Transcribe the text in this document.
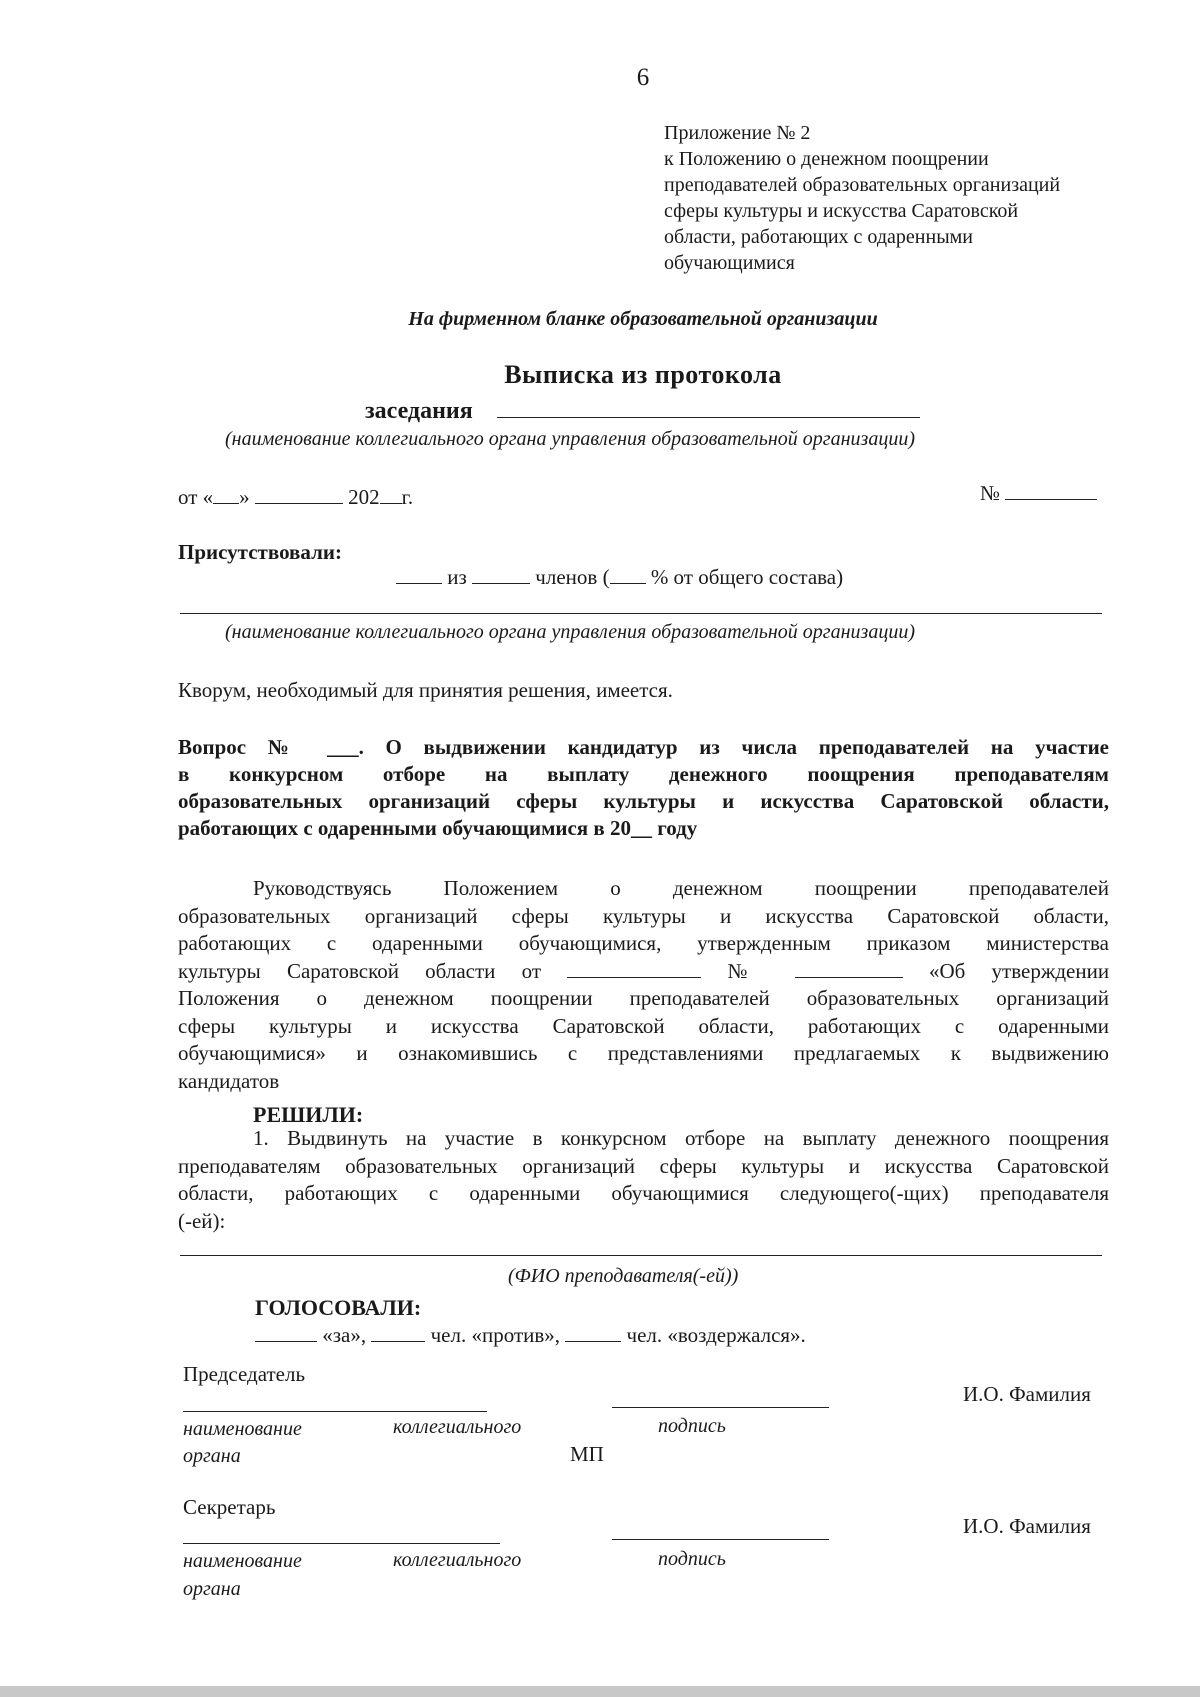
6
Приложение № 2
к Положению о денежном поощрении
преподавателей образовательных организаций
сферы культуры и искусства Саратовской
области, работающих с одаренными
обучающимися
На фирменном бланке образовательной организации
Выписка из протокола
заседания
(наименование коллегиального органа управления образовательной организации)
от « »	202 г.	№
Присутствовали:
из	членов ( % от общего состава)
(наименование коллегиального органа управления образовательной организации)
Кворум, необходимый для принятия решения, имеется.
Вопрос № ___. О выдвижении кандидатур из числа преподавателей на участие
в конкурсном отборе на выплату денежного поощрения преподавателям
образовательных организаций сферы культуры и искусства Саратовской области,
работающих с одаренными обучающимися в 20__ году
Руководствуясь Положением о денежном поощрении преподавателей
образовательных организаций сферы культуры и искусства Саратовской области,
работающих с одаренными обучающимися, утвержденным приказом министерства
культуры Саратовской области от	№	«Об утверждении
Положения о денежном поощрении преподавателей образовательных организаций
сферы культуры и искусства Саратовской области, работающих с одаренными
обучающимися» и ознакомившись с представлениями предлагаемых к выдвижению
кандидатов
РЕШИЛИ:
1. Выдвинуть на участие в конкурсном отборе на выплату денежного поощрения
преподавателям образовательных организаций сферы культуры и искусства Саратовской
области, работающих с одаренными обучающимися следующего(-щих) преподавателя
(-ей):
(ФИО преподавателя(-ей))
ГОЛОСОВАЛИ:
«за»,	чел. «против»,	чел. «воздержался».
Председатель
И.О. Фамилия
наименование	коллегиального	подпись
органа	МП
Секретарь
И.О. Фамилия
наименование	коллегиального	подпись
органа
